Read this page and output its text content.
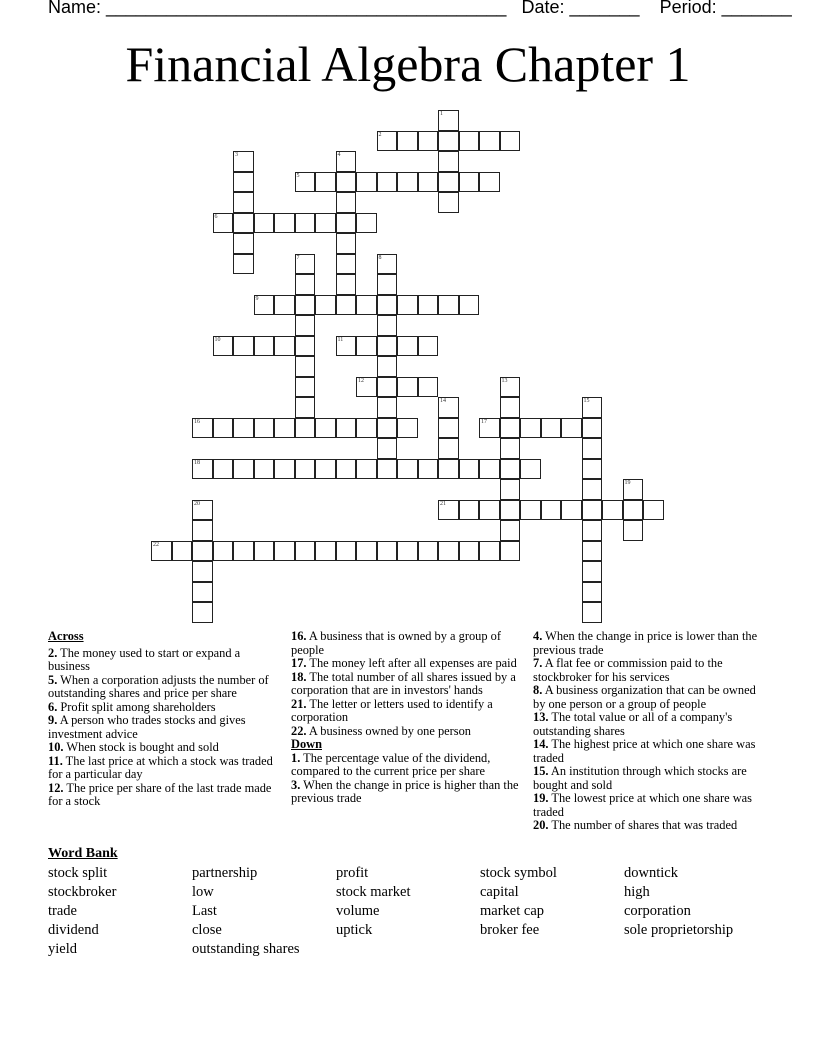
Name: ________________________________________ Date: _______ Period: _______
Financial Algebra Chapter 1
1
2
3	4
5
6
7	8
9
10	11
12	13
14	15
16	17
18
19
20	21
22
Across
2. The money used to start or expand a business
5. When a corporation adjusts the number of outstanding shares and price per share
6. Profit split among shareholders
9. A person who trades stocks and gives investment advice
10. When stock is bought and sold
11. The last price at which a stock was traded for a particular day
12. The price per share of the last trade made for a stock
16. A business that is owned by a group of people
17. The money left after all expenses are paid
18. The total number of all shares issued by a corporation that are in investors' hands
21. The letter or letters used to identify a corporation
22. A business owned by one person
Down
1. The percentage value of the dividend, compared to the current price per share
3. When the change in price is higher than the previous trade
4. When the change in price is lower than the previous trade
7. A flat fee or commission paid to the stockbroker for his services
8. A business organization that can be owned by one person or a group of people
13. The total value or all of a company's outstanding shares
14. The highest price at which one share was traded
15. An institution through which stocks are bought and sold
19. The lowest price at which one share was traded
20. The number of shares that was traded
Word Bank
stock split	partnership	profit	stock symbol	downtick
stockbroker	low	stock market	capital	high
trade	Last	volume	market cap	corporation
dividend	close	uptick	broker fee	sole proprietorship
yield	outstanding shares
